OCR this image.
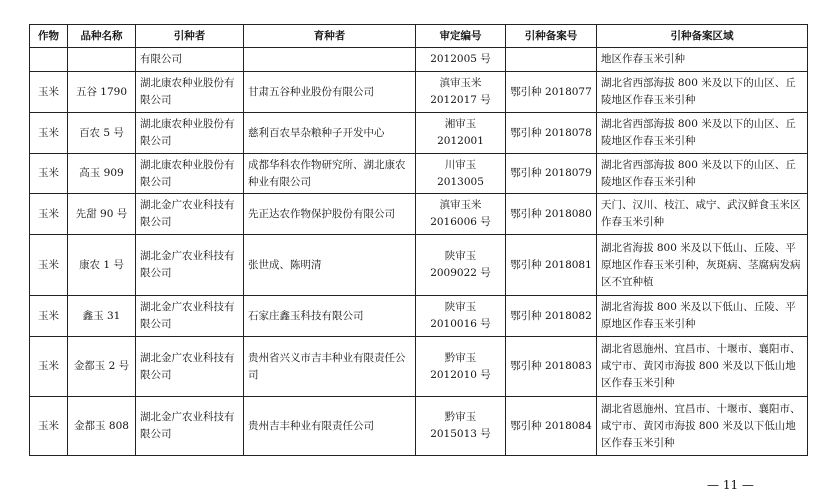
作物	品种名称	引种者	育种者	审定编号	引种备案号	引种备案区域
		有限公司		2012005 号		地区作春玉米引种
玉米	五谷 1790	湖北康农种业股份有限公司	甘肃五谷种业股份有限公司	滇审玉米 2012017 号	鄂引种 2018077	湖北省西部海拔 800 米及以下的山区、丘陵地区作春玉米引种
玉米	百农 5 号	湖北康农种业股份有限公司	慈利百农旱杂粮种子开发中心	湘审玉 2012001	鄂引种 2018078	湖北省西部海拔 800 米及以下的山区、丘陵地区作春玉米引种
玉米	高玉 909	湖北康农种业股份有限公司	成都华科农作物研究所、湖北康农种业有限公司	川审玉 2013005	鄂引种 2018079	湖北省西部海拔 800 米及以下的山区、丘陵地区作春玉米引种
玉米	先甜 90 号	湖北金广农业科技有限公司	先正达农作物保护股份有限公司	滇审玉米 2016006 号	鄂引种 2018080	天门、汉川、枝江、咸宁、武汉鲜食玉米区作春玉米引种
玉米	康农 1 号	湖北金广农业科技有限公司	张世成、陈明清	陕审玉 2009022 号	鄂引种 2018081	湖北省海拔 800 米及以下低山、丘陵、平原地区作春玉米引种，灰斑病、茎腐病发病区不宜种植
玉米	鑫玉 31	湖北金广农业科技有限公司	石家庄鑫玉科技有限公司	陕审玉 2010016 号	鄂引种 2018082	湖北省海拔 800 米及以下低山、丘陵、平原地区作春玉米引种
玉米	金都玉 2 号	湖北金广农业科技有限公司	贵州省兴义市吉丰种业有限责任公司	黔审玉 2012010 号	鄂引种 2018083	湖北省恩施州、宜昌市、十堰市、襄阳市、咸宁市、黄冈市海拔 800 米及以下低山地区作春玉米引种
玉米	金都玉 808	湖北金广农业科技有限公司	贵州吉丰种业有限责任公司	黔审玉 2015013 号	鄂引种 2018084	湖北省恩施州、宜昌市、十堰市、襄阳市、咸宁市、黄冈市海拔 800 米及以下低山地区作春玉米引种
— 11 —
